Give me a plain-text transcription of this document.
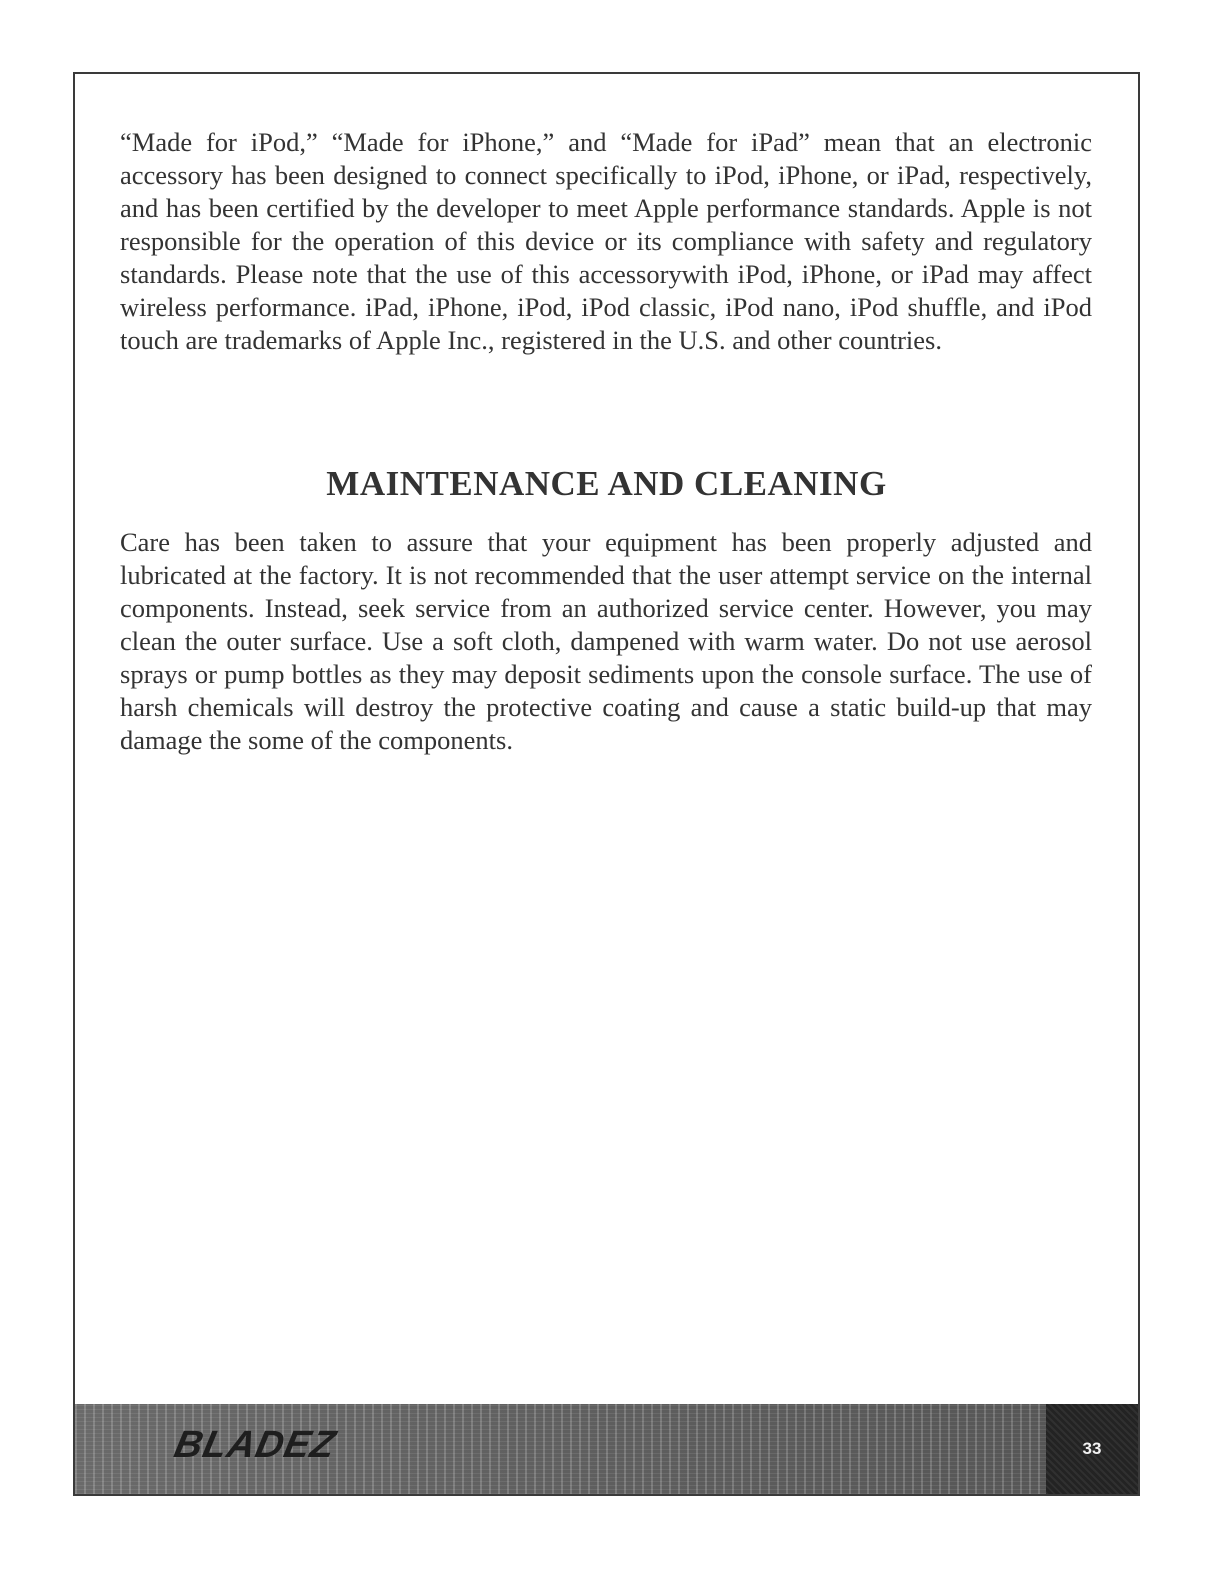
“Made for iPod,” “Made for iPhone,” and “Made for iPad” mean that an electronic accessory has been designed to connect specifically to iPod, iPhone, or iPad, respectively, and has been certified by the developer to meet Apple performance standards. Apple is not responsible for the operation of this device or its compliance with safety and regulatory standards. Please note that the use of this accessorywith iPod, iPhone, or iPad may affect wireless performance. iPad, iPhone, iPod, iPod classic, iPod nano, iPod shuffle, and iPod touch are trademarks of Apple Inc., registered in the U.S. and other countries.

MAINTENANCE AND CLEANING

Care has been taken to assure that your equipment has been properly adjusted and lubricated at the factory. It is not recommended that the user attempt service on the internal components. Instead, seek service from an authorized service center. However, you may clean the outer surface. Use a soft cloth, dampened with warm water. Do not use aerosol sprays or pump bottles as they may deposit sediments upon the console surface. The use of harsh chemicals will destroy the protective coating and cause a static build-up that may damage the some of the components.

BLADEZ	33
